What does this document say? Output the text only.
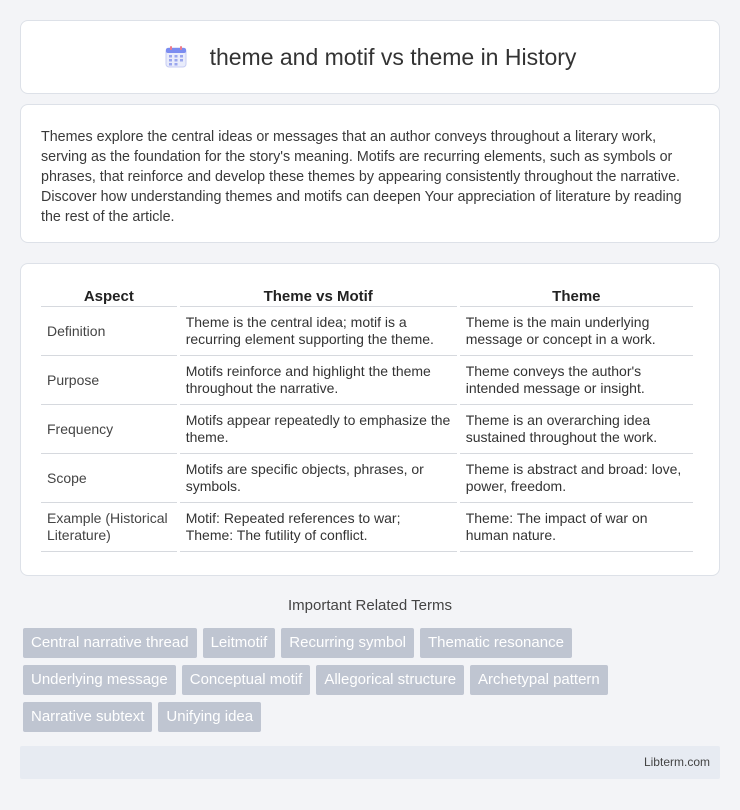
theme and motif vs theme in History

Themes explore the central ideas or messages that an author conveys throughout a literary work, serving as the foundation for the story's meaning. Motifs are recurring elements, such as symbols or phrases, that reinforce and develop these themes by appearing consistently throughout the narrative. Discover how understanding themes and motifs can deepen Your appreciation of literature by reading the rest of the article.

Aspect	Theme vs Motif	Theme
Definition	Theme is the central idea; motif is a recurring element supporting the theme.	Theme is the main underlying message or concept in a work.
Purpose	Motifs reinforce and highlight the theme throughout the narrative.	Theme conveys the author's intended message or insight.
Frequency	Motifs appear repeatedly to emphasize the theme.	Theme is an overarching idea sustained throughout the work.
Scope	Motifs are specific objects, phrases, or symbols.	Theme is abstract and broad: love, power, freedom.
Example (Historical Literature)	Motif: Repeated references to war; Theme: The futility of conflict.	Theme: The impact of war on human nature.
Important Related Terms
Central narrative thread	Leitmotif	Recurring symbol	Thematic resonance
Underlying message	Conceptual motif	Allegorical structure	Archetypal pattern
Narrative subtext	Unifying idea
Libterm.com
